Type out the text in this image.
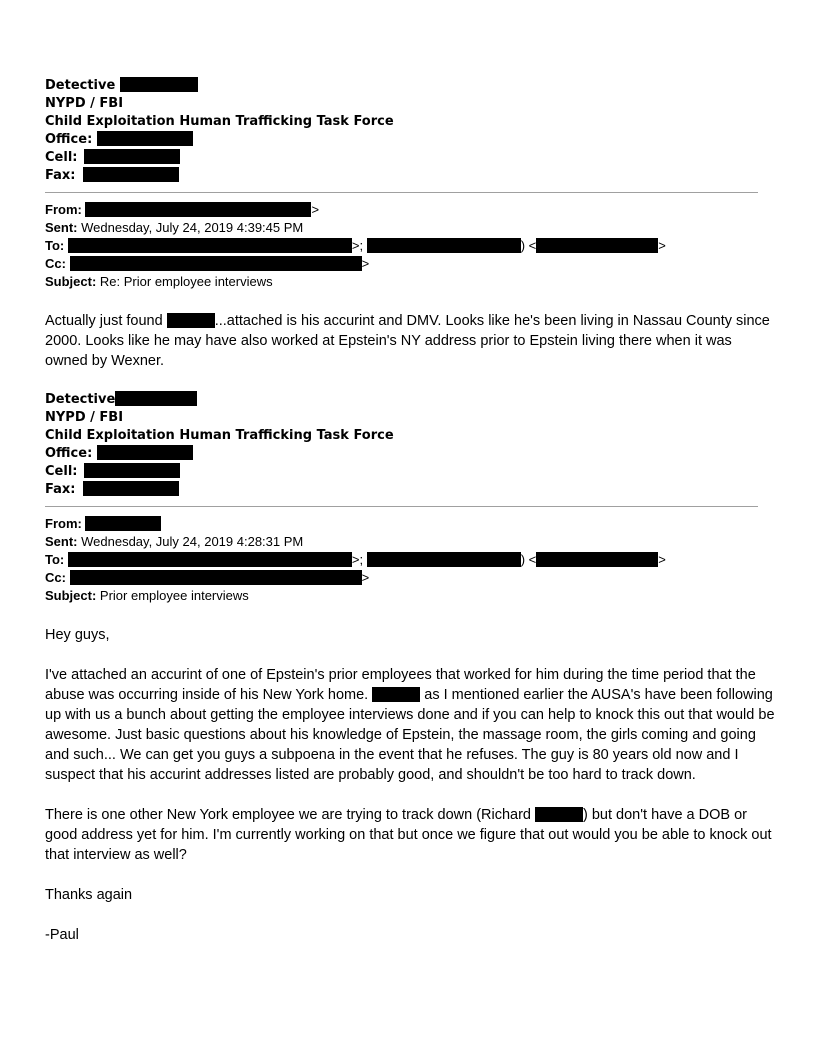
Detective
NYPD / FBI
Child Exploitation Human Trafficking Task Force
Office:
Cell:
Fax:
From:	>
Sent: Wednesday, July 24, 2019 4:39:45 PM
To:	>;	) <	>
Cc:	>
Subject: Re: Prior employee interviews

Actually just found	...attached is his accurint and DMV. Looks like he's been living in Nassau County since 2000. Looks like he may have also worked at Epstein's NY address prior to Epstein living there when it was owned by Wexner.

Detective
NYPD / FBI
Child Exploitation Human Trafficking Task Force
Office:
Cell:
Fax:
From:
Sent: Wednesday, July 24, 2019 4:28:31 PM
To:	>;	) <	>
Cc:	>
Subject: Prior employee interviews

Hey guys,

I've attached an accurint of one of Epstein's prior employees that worked for him during the time period that the abuse was occurring inside of his New York home.	as I mentioned earlier the AUSA's have been following up with us a bunch about getting the employee interviews done and if you can help to knock this out that would be awesome. Just basic questions about his knowledge of Epstein, the massage room, the girls coming and going and such... We can get you guys a subpoena in the event that he refuses. The guy is 80 years old now and I suspect that his accurint addresses listed are probably good, and shouldn't be too hard to track down.

There is one other New York employee we are trying to track down (Richard	) but don't have a DOB or good address yet for him. I'm currently working on that but once we figure that out would you be able to knock out that interview as well?

Thanks again

-Paul
